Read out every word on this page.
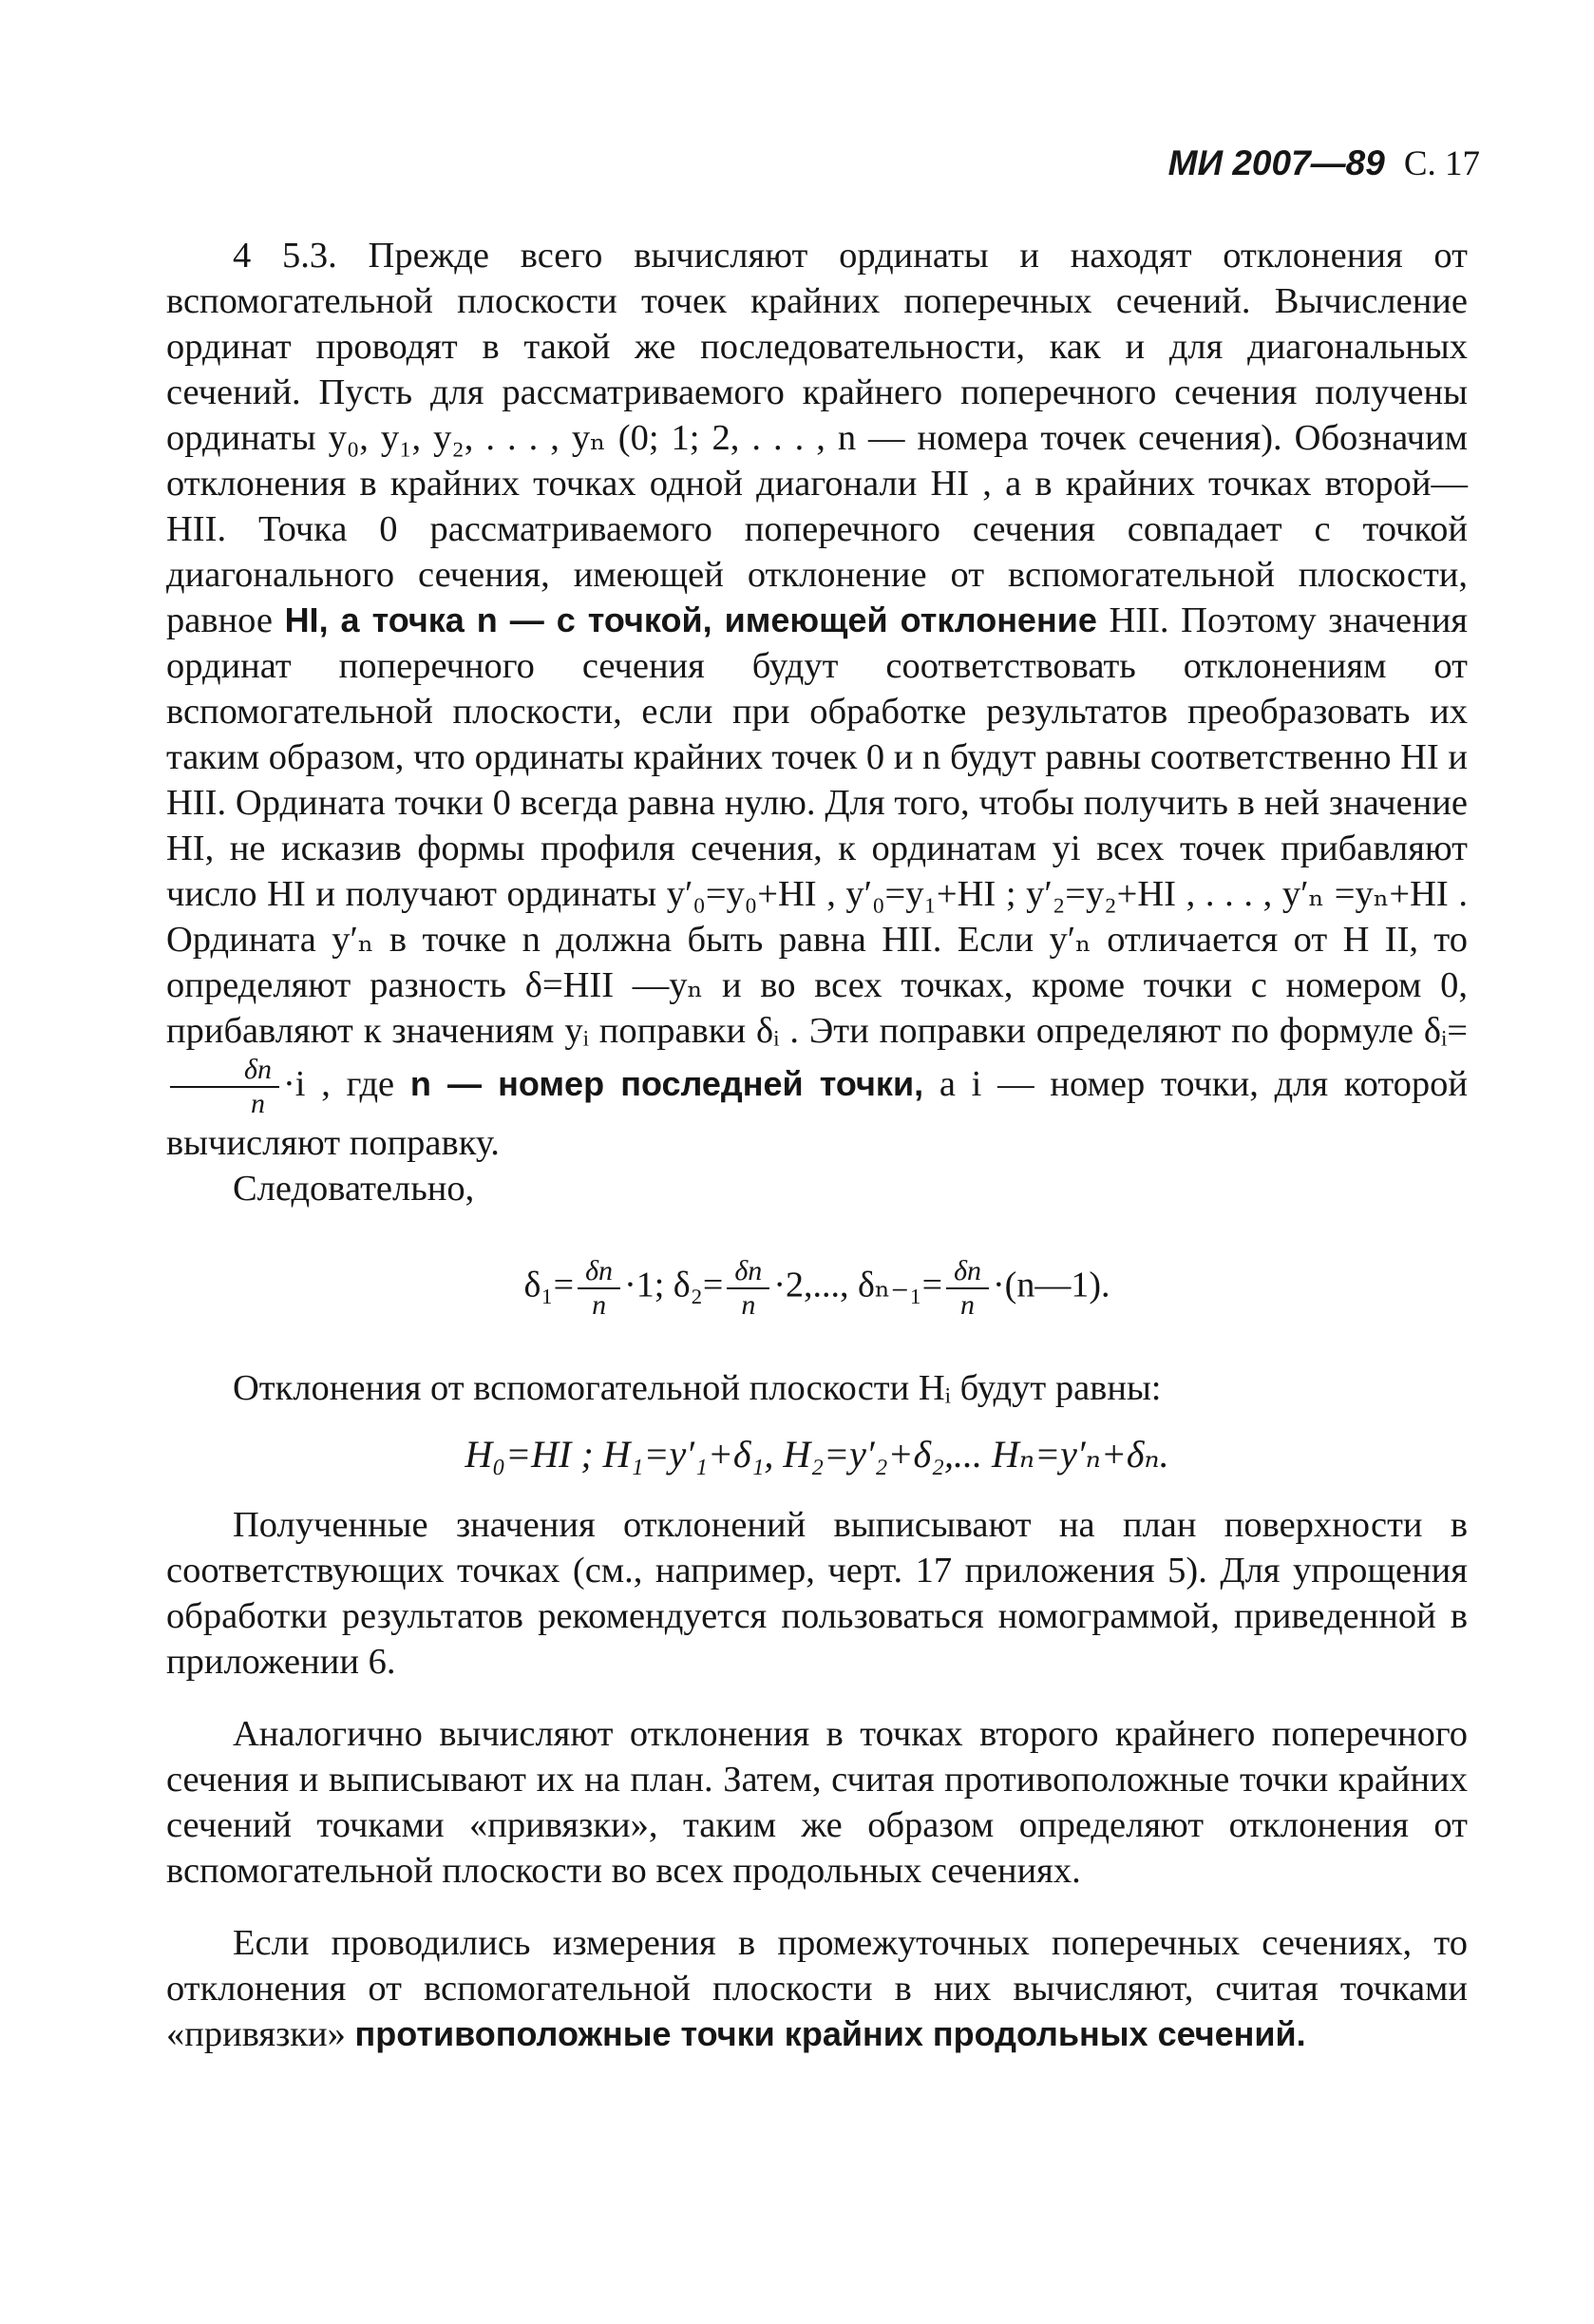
МИ 2007—89 С. 17

4 5.3. Прежде всего вычисляют ординаты и находят отклонения от вспомогательной плоскости точек крайних поперечных сечений. Вычисление ординат проводят в такой же последовательности, как и для диагональных сечений. Пусть для рассматриваемого крайнего поперечного сечения получены ординаты y₀, y₁, y₂, . . . , yₙ (0; 1; 2, . . . , n — номера точек сечения). Обозначим отклонения в крайних точках одной диагонали HI , а в крайних точках второй— HII. Точка 0 рассматриваемого поперечного сечения совпадает с точкой диагонального сечения, имеющей отклонение от вспомогательной плоскости, равное HI, а точка n — с точкой, имеющей отклонение HII. Поэтому значения ординат поперечного сечения будут соответствовать отклонениям от вспомогательной плоскости, если при обработке результатов преобразовать их таким образом, что ординаты крайних точек 0 и n будут равны соответственно HI и HII. Ордината точки 0 всегда равна нулю. Для того, чтобы получить в ней значение HI, не исказив формы профиля сечения, к ординатам yi всех точек прибавляют число HI и получают ординаты y′₀=y₀+HI , y′₀=y₁+HI ; y′₂=y₂+HI , . . . , y′ₙ =yₙ+HI . Ордината y′ₙ в точке n должна быть равна HII. Если y′ₙ отличается от H II, то определяют разность δ=HII —yₙ и во всех точках, кроме точки с номером 0, прибавляют к значениям yᵢ поправки δᵢ . Эти поправки определяют по формуле δᵢ=
$\frac{\delta n}{n} \cdot i$ , где n — номер последней точки, а i — номер точки, для которой вычисляют поправку.

Следовательно,

$\delta_1= \frac{\delta n}{n} \cdot 1$; $\delta_2= \frac{\delta n}{n} \cdot 2$,..., $\delta_{n-1}= \frac{\delta n}{n}$ ·(n—1).

Отклонения от вспомогательной плоскости Hᵢ будут равны:

H₀=HI ; H₁=y′₁+δ₁, H₂=y′₂+δ₂,... Hₙ=y′ₙ+δₙ.

Полученные значения отклонений выписывают на план поверхности в соответствующих точках (см., например, черт. 17 приложения 5). Для упрощения обработки результатов рекомендуется пользоваться номограммой, приведенной в приложении 6.

Аналогично вычисляют отклонения в точках второго крайнего поперечного сечения и выписывают их на план. Затем, считая противоположные точки крайних сечений точками «привязки», таким же образом определяют отклонения от вспомогательной плоскости во всех продольных сечениях.

Если проводились измерения в промежуточных поперечных сечениях, то отклонения от вспомогательной плоскости в них вычисляют, считая точками «привязки» противоположные точки крайних продольных сечений.
